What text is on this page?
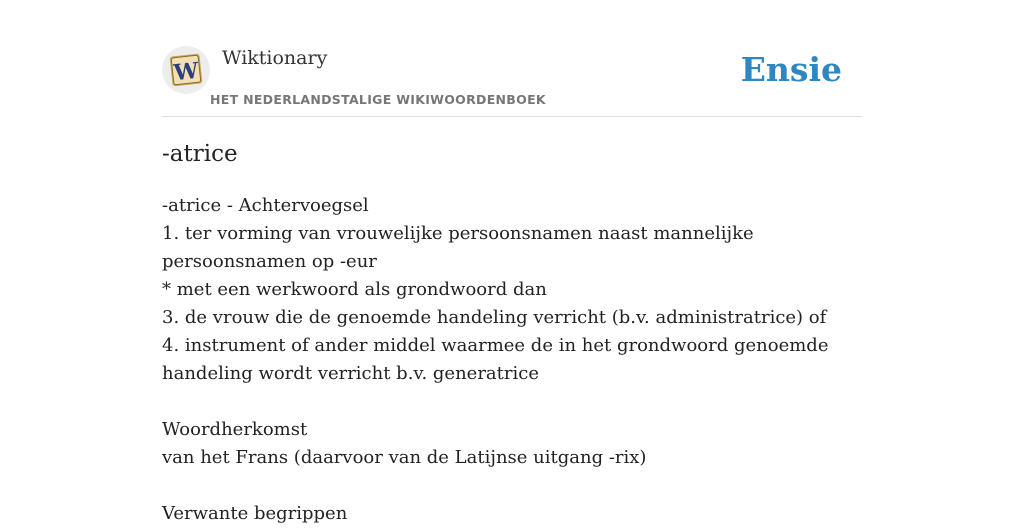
W Wiktionary
HET NEDERLANDSTALIGE WIKIWOORDENBOEK
Ensie
-atrice
-atrice - Achtervoegsel
1. ter vorming van vrouwelijke persoonsnamen naast mannelijke persoonsnamen op -eur
* met een werkwoord als grondwoord dan
3. de vrouw die de genoemde handeling verricht (b.v. administratrice) of
4. instrument of ander middel waarmee de in het grondwoord genoemde handeling wordt verricht b.v. generatrice
Woordherkomst
van het Frans (daarvoor van de Latijnse uitgang -rix)
Verwante begrippen
